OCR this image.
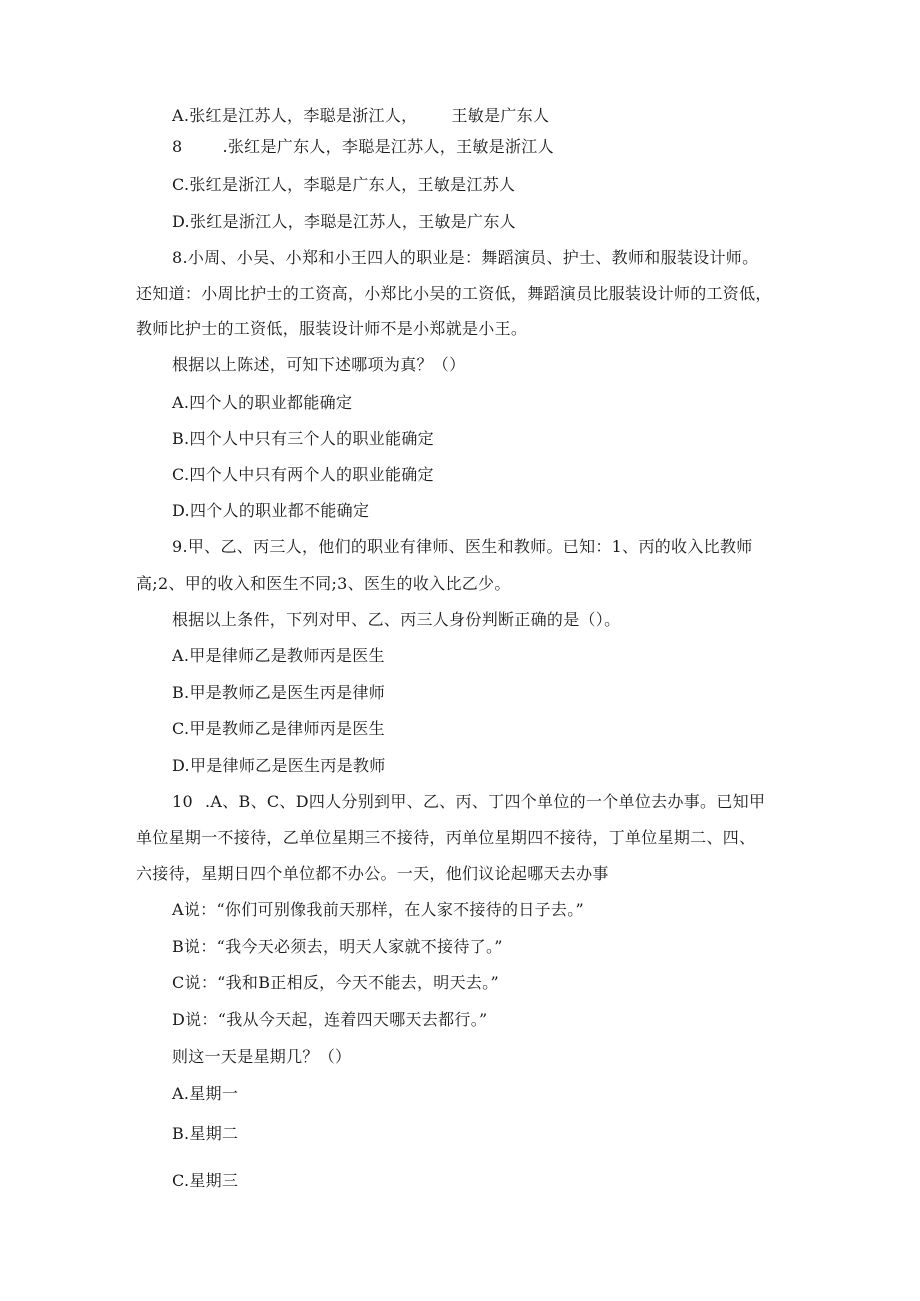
A.张红是江苏人，李聪是浙江人， 王敏是广东人
8	.张红是广东人，李聪是江苏人，王敏是浙江人
C.张红是浙江人，李聪是广东人，王敏是江苏人
D.张红是浙江人，李聪是江苏人，王敏是广东人
8.小周、小吴、小郑和小王四人的职业是：舞蹈演员、护士、教师和服装设计师。
还知道：小周比护士的工资高，小郑比小吴的工资低，舞蹈演员比服装设计师的工资低，
教师比护士的工资低，服装设计师不是小郑就是小王。
根据以上陈述，可知下述哪项为真？（）
A.四个人的职业都能确定
B.四个人中只有三个人的职业能确定
C.四个人中只有两个人的职业能确定
D.四个人的职业都不能确定
9.甲、乙、丙三人，他们的职业有律师、医生和教师。已知：1、丙的收入比教师
高;2、甲的收入和医生不同;3、医生的收入比乙少。
根据以上条件，下列对甲、乙、丙三人身份判断正确的是（）。
A.甲是律师乙是教师丙是医生
B.甲是教师乙是医生丙是律师
C.甲是教师乙是律师丙是医生
D.甲是律师乙是医生丙是教师
10 .A、B、C、D四人分别到甲、乙、丙、丁四个单位的一个单位去办事。已知甲
单位星期一不接待，乙单位星期三不接待，丙单位星期四不接待，丁单位星期二、四、
六接待，星期日四个单位都不办公。一天，他们议论起哪天去办事
A说：“你们可别像我前天那样，在人家不接待的日子去。”
B说：“我今天必须去，明天人家就不接待了。”
C说：“我和B正相反，今天不能去，明天去。”
D说：“我从今天起，连着四天哪天去都行。”
则这一天是星期几？（）
A.星期一
B.星期二
C.星期三
